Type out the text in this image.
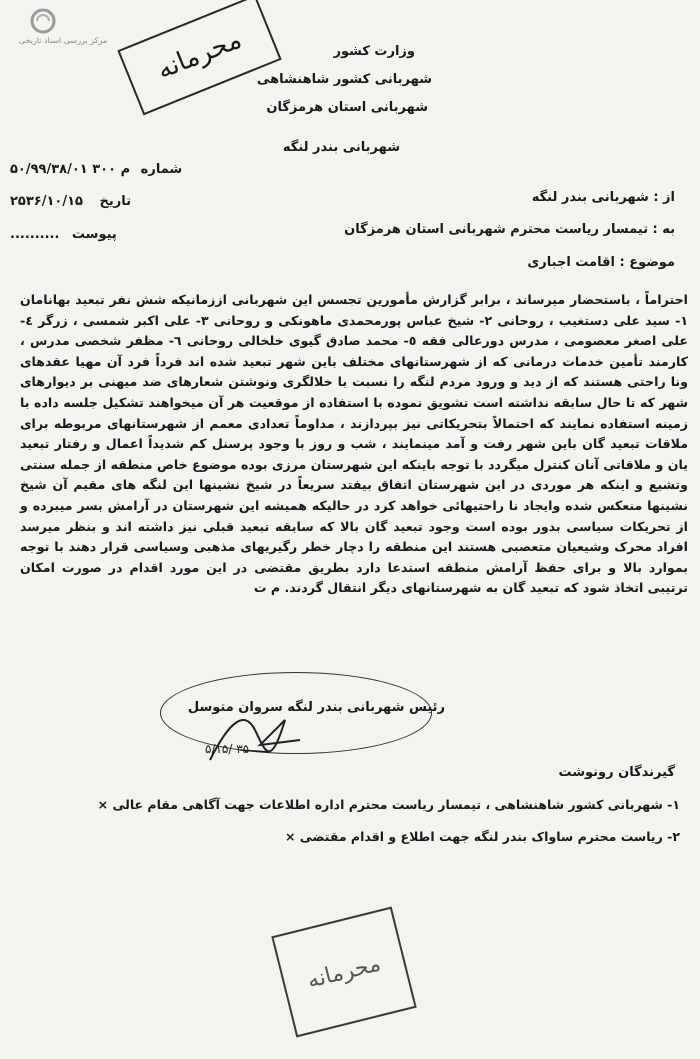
مرکز بررسی اسناد تاریخی	محرمانه	وزارت کشور
شهربانی کشور شاهنشاهی
شهربانی استان هرمزگان
شهربانی بندر لنگه
۵۰/۹۹/۳۸/۰۱ م ۳۰۰ شماره
۲۵۳۶/۱۰/۱۵ تاریخ
.......... پیوست
از : شهربانی بندر لنگه
به : تیمسار ریاست محترم شهربانی استان هرمزگان
موضوع : اقامت اجباری

احتراماً ، باستحضار میرساند ، برابر گزارش مأمورین تجسس این شهربانی اززمانیکه شش نفر تبعید بهانامان ۱- سید علی دستغیب ، روحانی ۲- شیخ عباس پورمحمدی ماهونکی و روحانی ۳- علی اکبر شمسی ، زرگر ٤- علی اصغر معصومی ، مدرس دورعالی فقه ٥- محمد صادق گیوی خلخالی روحانی ٦- مظفر شخصی مدرس ، کارمند تأمین خدمات درمانی که از شهرستانهای مختلف باین شهر تبعید شده اند فرداً فرد آن مهیا عقدهای ونا راحتی هستند که از دید و ورود مردم لنگه را نسبت با خلالگری ونوشتن شعارهای ضد میهنی بر دیوارهای شهر که تا حال سابقه نداشته است تشویق نموده با استفاده از موقعیت هر آن میخواهند تشکیل جلسه داده با زمینه استفاده نمایند که احتمالاً بتحریکاتی نیز بپردازند ، مداوماً تعدادی معمم از شهرستانهای مربوطه برای ملاقات تبعید گان باین شهر رفت و آمد مینمایند ، شب و روز با وجود پرسنل کم شدیداً اعمال و رفتار تبعید یان و ملاقاتی آنان کنترل میگردد با توجه باینکه این شهرستان مرزی بوده موضوع خاص منطقه از جمله سنتی وتشیع و اینکه هر موردی در این شهرستان اتفاق بیفتد سریعاً در شیخ نشینها این لنگه های مقیم آن شیخ نشینها منعکس شده وایجاد نا راحتیهائی خواهد کرد در حالیکه همیشه این شهرستان در آرامش بسر میبرده و از تحریکات سیاسی بدور بوده است وجود تبعید گان بالا که سابقه تبعید قبلی نیز داشته اند و بنظر میرسد افراد محرک وشیعیان متعصبی هستند این منطقه را دچار خطر رگیریهای مذهبی وسیاسی قرار دهند با توجه بموارد بالا و برای حفظ آرامش منطقه استدعا دارد بطریق مقتضی در این مورد اقدام در صورت امکان ترتیبی اتخاذ شود که تبعید گان به شهرستانهای دیگر انتقال گردند. م ت

رئیس شهربانی بندر لنگه سروان متوسل
۵/۱۵/ ۳۵
گیرندگان رونوشت
۱- شهربانی کشور شاهنشاهی ، تیمسار ریاست محترم اداره اطلاعات جهت آگاهی مقام عالی ×
۲- ریاست محترم ساواک بندر لنگه جهت اطلاع و اقدام مقتضی ×
محرمانه
